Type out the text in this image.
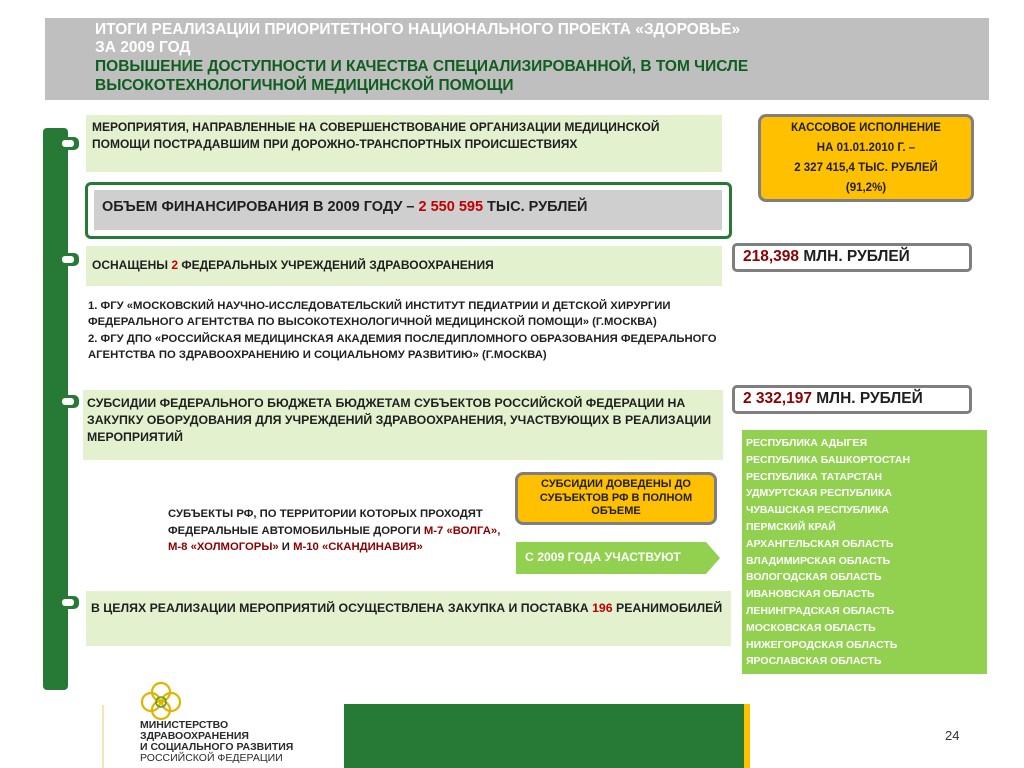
ИТОГИ РЕАЛИЗАЦИИ ПРИОРИТЕТНОГО НАЦИОНАЛЬНОГО ПРОЕКТА «ЗДОРОВЬЕ»
ЗА 2009 ГОД
ПОВЫШЕНИЕ ДОСТУПНОСТИ И КАЧЕСТВА СПЕЦИАЛИЗИРОВАННОЙ, В ТОМ ЧИСЛЕ
ВЫСОКОТЕХНОЛОГИЧНОЙ МЕДИЦИНСКОЙ ПОМОЩИ
МЕРОПРИЯТИЯ, НАПРАВЛЕННЫЕ НА СОВЕРШЕНСТВОВАНИЕ ОРГАНИЗАЦИИ МЕДИЦИНСКОЙ ПОМОЩИ ПОСТРАДАВШИМ ПРИ ДОРОЖНО-ТРАНСПОРТНЫХ ПРОИСШЕСТВИЯХ
ОБЪЕМ ФИНАНСИРОВАНИЯ В 2009 ГОДУ – 2 550 595 ТЫС. РУБЛЕЙ
КАССОВОЕ ИСПОЛНЕНИЕ
НА 01.01.2010 Г. –
2 327 415,4 ТЫС. РУБЛЕЙ
(91,2%)
ОСНАЩЕНЫ 2 ФЕДЕРАЛЬНЫХ УЧРЕЖДЕНИЙ ЗДРАВООХРАНЕНИЯ	218,398 МЛН. РУБЛЕЙ

1. ФГУ «МОСКОВСКИЙ НАУЧНО-ИССЛЕДОВАТЕЛЬСКИЙ ИНСТИТУТ ПЕДИАТРИИ И ДЕТСКОЙ ХИРУРГИИ ФЕДЕРАЛЬНОГО АГЕНТСТВА ПО ВЫСОКОТЕХНОЛОГИЧНОЙ МЕДИЦИНСКОЙ ПОМОЩИ» (Г.МОСКВА)

2. ФГУ ДПО «РОССИЙСКАЯ МЕДИЦИНСКАЯ АКАДЕМИЯ ПОСЛЕДИПЛОМНОГО ОБРАЗОВАНИЯ ФЕДЕРАЛЬНОГО АГЕНТСТВА ПО ЗДРАВООХРАНЕНИЮ И СОЦИАЛЬНОМУ РАЗВИТИЮ» (Г.МОСКВА)

СУБСИДИИ ФЕДЕРАЛЬНОГО БЮДЖЕТА БЮДЖЕТАМ СУБЪЕКТОВ РОССИЙСКОЙ ФЕДЕРАЦИИ НА ЗАКУПКУ ОБОРУДОВАНИЯ ДЛЯ УЧРЕЖДЕНИЙ ЗДРАВООХРАНЕНИЯ, УЧАСТВУЮЩИХ В РЕАЛИЗАЦИИ МЕРОПРИЯТИЙ
2 332,197 МЛН. РУБЛЕЙ
РЕСПУБЛИКА АДЫГЕЯ
РЕСПУБЛИКА БАШКОРТОСТАН
РЕСПУБЛИКА ТАТАРСТАН
УДМУРТСКАЯ РЕСПУБЛИКА
ЧУВАШСКАЯ РЕСПУБЛИКА
ПЕРМСКИЙ КРАЙ
АРХАНГЕЛЬСКАЯ ОБЛАСТЬ
ВЛАДИМИРСКАЯ ОБЛАСТЬ
ВОЛОГОДСКАЯ ОБЛАСТЬ
ИВАНОВСКАЯ ОБЛАСТЬ
ЛЕНИНГРАДСКАЯ ОБЛАСТЬ
МОСКОВСКАЯ ОБЛАСТЬ
НИЖЕГОРОДСКАЯ ОБЛАСТЬ
ЯРОСЛАВСКАЯ ОБЛАСТЬ
СУБСИДИИ ДОВЕДЕНЫ ДО СУБЪЕКТОВ РФ В ПОЛНОМ ОБЪЕМЕ
С 2009 ГОДА УЧАСТВУЮТ
СУБЪЕКТЫ РФ, ПО ТЕРРИТОРИИ КОТОРЫХ ПРОХОДЯТ ФЕДЕРАЛЬНЫЕ АВТОМОБИЛЬНЫЕ ДОРОГИ М-7 «ВОЛГА», М-8 «ХОЛМОГОРЫ» И М-10 «СКАНДИНАВИЯ»
В ЦЕЛЯХ РЕАЛИЗАЦИИ МЕРОПРИЯТИЙ ОСУЩЕСТВЛЕНА ЗАКУПКА И ПОСТАВКА 196 РЕАНИМОБИЛЕЙ
МИНИСТЕРСТВО
ЗДРАВООХРАНЕНИЯ
И СОЦИАЛЬНОГО РАЗВИТИЯ
РОССИЙСКОЙ ФЕДЕРАЦИИ
24
